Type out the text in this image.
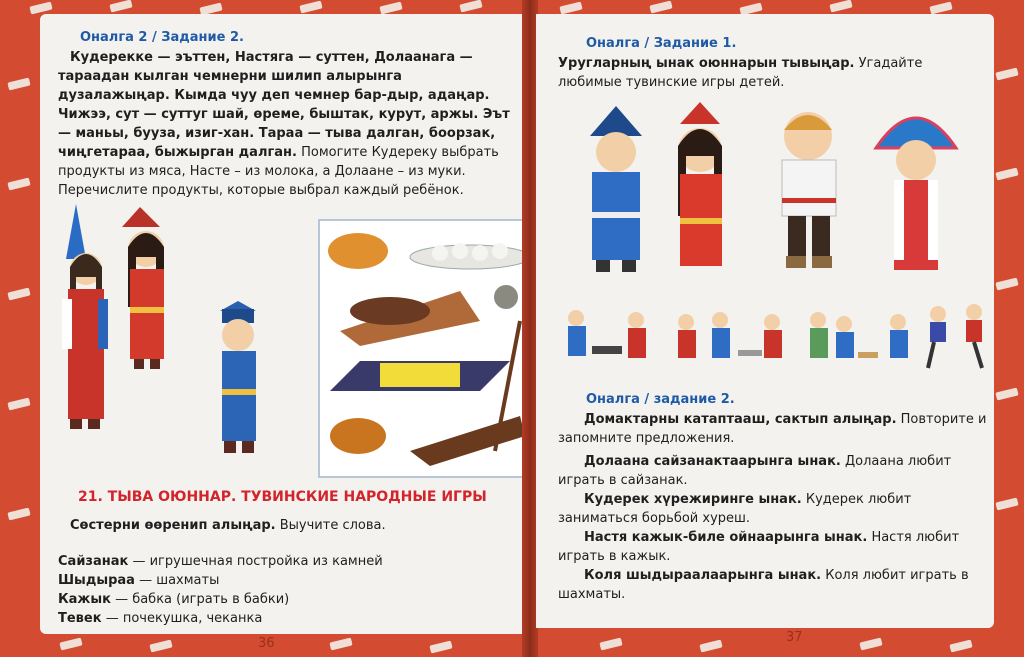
Оналга 2 / Задание 2.
Кудерекке — эъттен, Настяга — суттен, Долаанага — тараадан кылган чемнерни шилип алырынга дузалажыңар. Кымда чуу деп чемнер бар-дыр, адаңар. Чижээ, сут — суттуг шай, өреме, быштак, курут, аржы. Эът — маньы, бууза, изиг-хан. Тараа — тыва далган, боорзак, чиңгетараа, быжырган далган. Помогите Кудереку выбрать продукты из мяса, Насте – из молока, а Долаане – из муки. Перечислите продукты, которые выбрал каждый ребёнок.
21. ТЫВА ОЮННАР. ТУВИНСКИЕ НАРОДНЫЕ ИГРЫ
Сөстерни өөренип алыңар. Выучите слова.
Сайзанак — игрушечная постройка из камней
Шыдыраа — шахматы
Кажык — бабка (играть в бабки)
Тевек — почекушка, чеканка
36
Оналга / Задание 1.
Уругларның ынак оюннарын тывыңар. Угадайте любимые тувинские игры детей.
Оналга / задание 2.
Домактарны катаптааш, сактып алыңар. Повторите и запомните предложения.
Долаана сайзанактаарынга ынак. Долаана любит играть в сайзанак.
Кудерек хүрежиринге ынак. Кудерек любит заниматься борьбой хуреш.
Настя кажык-биле ойнаарынга ынак. Настя любит играть в кажык.
Коля шыдыраалаарынга ынак. Коля любит играть в шахматы.
37
